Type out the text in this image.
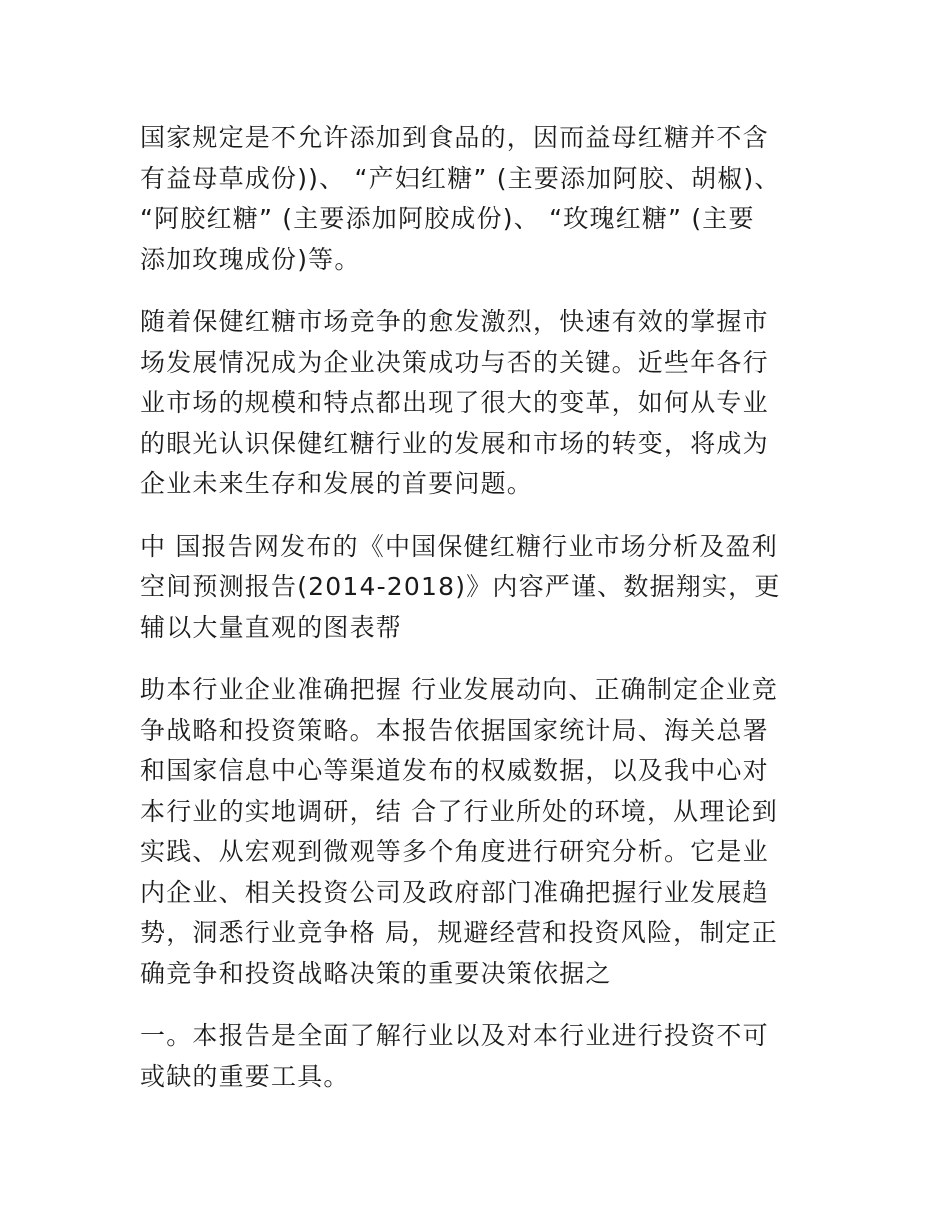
国家规定是不允许添加到食品的，因而益母红糖并不含
有益母草成份))、 “产妇红糖” (主要添加阿胶、胡椒)、
“阿胶红糖” (主要添加阿胶成份)、 “玫瑰红糖” (主要
添加玫瑰成份)等。

随着保健红糖市场竞争的愈发激烈，快速有效的掌握市
场发展情况成为企业决策成功与否的关键。近些年各行
业市场的规模和特点都出现了很大的变革，如何从专业
的眼光认识保健红糖行业的发展和市场的转变，将成为
企业未来生存和发展的首要问题。

中 国报告网发布的《中国保健红糖行业市场分析及盈利
空间预测报告(2014-2018)》内容严谨、数据翔实，更
辅以大量直观的图表帮

助本行业企业准确把握 行业发展动向、正确制定企业竞
争战略和投资策略。本报告依据国家统计局、海关总署
和国家信息中心等渠道发布的权威数据，以及我中心对
本行业的实地调研，结 合了行业所处的环境，从理论到
实践、从宏观到微观等多个角度进行研究分析。它是业
内企业、相关投资公司及政府部门准确把握行业发展趋
势，洞悉行业竞争格 局，规避经营和投资风险，制定正
确竞争和投资战略决策的重要决策依据之

一。本报告是全面了解行业以及对本行业进行投资不可
或缺的重要工具。
